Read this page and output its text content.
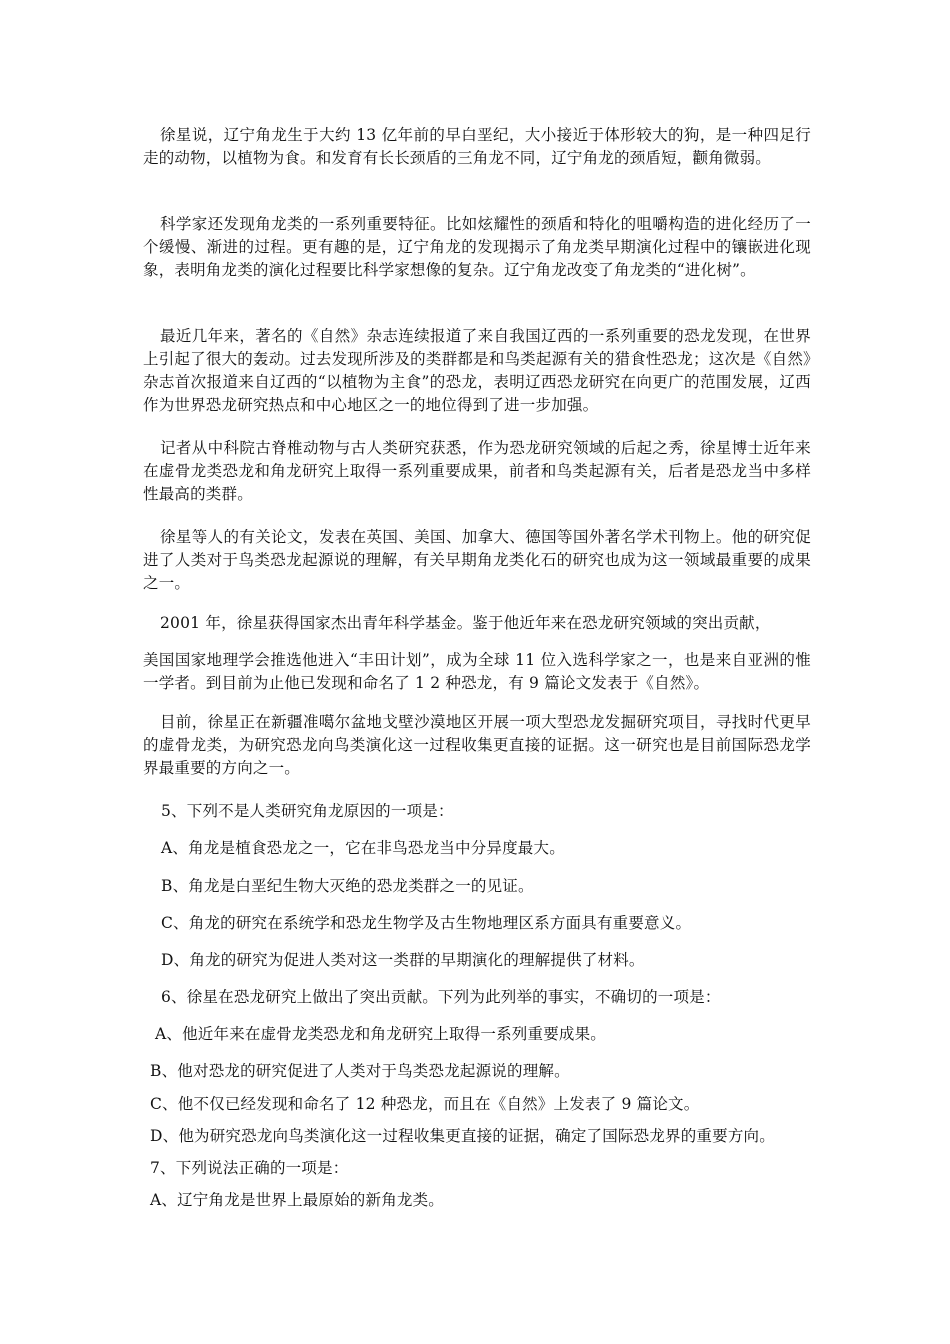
徐星说，辽宁角龙生于大约 13 亿年前的早白垩纪，大小接近于体形较大的狗，是一种四足行走的动物，以植物为食。和发育有长长颈盾的三角龙不同，辽宁角龙的颈盾短，颧角微弱。

科学家还发现角龙类的一系列重要特征。比如炫耀性的颈盾和特化的咀嚼构造的进化经历了一个缓慢、渐进的过程。更有趣的是，辽宁角龙的发现揭示了角龙类早期演化过程中的镶嵌进化现象，表明角龙类的演化过程要比科学家想像的复杂。辽宁角龙改变了角龙类的“进化树”。

最近几年来，著名的《自然》杂志连续报道了来自我国辽西的一系列重要的恐龙发现，在世界上引起了很大的轰动。过去发现所涉及的类群都是和鸟类起源有关的猎食性恐龙；这次是《自然》杂志首次报道来自辽西的“以植物为主食”的恐龙，表明辽西恐龙研究在向更广的范围发展，辽西作为世界恐龙研究热点和中心地区之一的地位得到了进一步加强。

记者从中科院古脊椎动物与古人类研究获悉，作为恐龙研究领域的后起之秀，徐星博士近年来在虚骨龙类恐龙和角龙研究上取得一系列重要成果，前者和鸟类起源有关，后者是恐龙当中多样性最高的类群。

徐星等人的有关论文，发表在英国、美国、加拿大、德国等国外著名学术刊物上。他的研究促进了人类对于鸟类恐龙起源说的理解，有关早期角龙类化石的研究也成为这一领域最重要的成果之一。

2001 年，徐星获得国家杰出青年科学基金。鉴于他近年来在恐龙研究领域的突出贡献，

美国国家地理学会推选他进入“丰田计划”，成为全球 11 位入选科学家之一，也是来自亚洲的惟一学者。到目前为止他已发现和命名了 1 2 种恐龙，有 9 篇论文发表于《自然》。

目前，徐星正在新疆准噶尔盆地戈壁沙漠地区开展一项大型恐龙发掘研究项目，寻找时代更早的虚骨龙类，为研究恐龙向鸟类演化这一过程收集更直接的证据。这一研究也是目前国际恐龙学界最重要的方向之一。

5、下列不是人类研究角龙原因的一项是：

A、角龙是植食恐龙之一，它在非鸟恐龙当中分异度最大。

B、角龙是白垩纪生物大灭绝的恐龙类群之一的见证。

C、角龙的研究在系统学和恐龙生物学及古生物地理区系方面具有重要意义。

D、角龙的研究为促进人类对这一类群的早期演化的理解提供了材料。

6、徐星在恐龙研究上做出了突出贡献。下列为此列举的事实，不确切的一项是：

A、他近年来在虚骨龙类恐龙和角龙研究上取得一系列重要成果。

B、他对恐龙的研究促进了人类对于鸟类恐龙起源说的理解。

C、他不仅已经发现和命名了 12 种恐龙，而且在《自然》上发表了 9 篇论文。

D、他为研究恐龙向鸟类演化这一过程收集更直接的证据，确定了国际恐龙界的重要方向。

7、下列说法正确的一项是：

A、辽宁角龙是世界上最原始的新角龙类。
